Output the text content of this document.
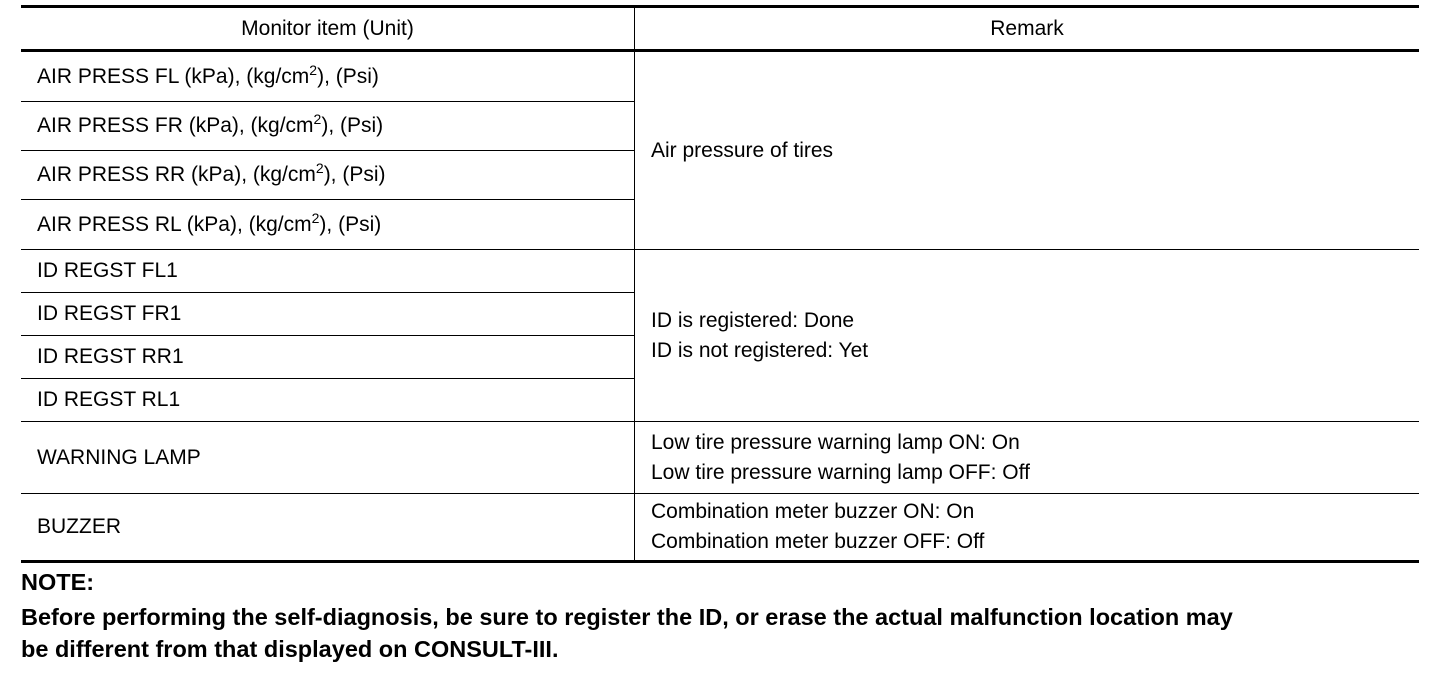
Monitor item (Unit)	Remark
AIR PRESS FL (kPa), $(kg/cm^2)$, (Psi)
AIR PRESS FR (kPa), $(kg/cm^2)$, (Psi)
AIR PRESS RR (kPa), $(kg/cm^2)$, (Psi)
AIR PRESS RL (kPa), $(kg/cm^2)$, (Psi)
Air pressure of tires
ID REGST FL1
ID REGST FR1
ID REGST RR1
ID REGST RL1
ID is registered: Done
ID is not registered: Yet
WARNING LAMP
Low tire pressure warning lamp ON: On
Low tire pressure warning lamp OFF: Off
BUZZER
Combination meter buzzer ON: On
Combination meter buzzer OFF: Off
NOTE:
Before performing the self-diagnosis, be sure to register the ID, or erase the actual malfunction location may
be different from that displayed on CONSULT-III.
